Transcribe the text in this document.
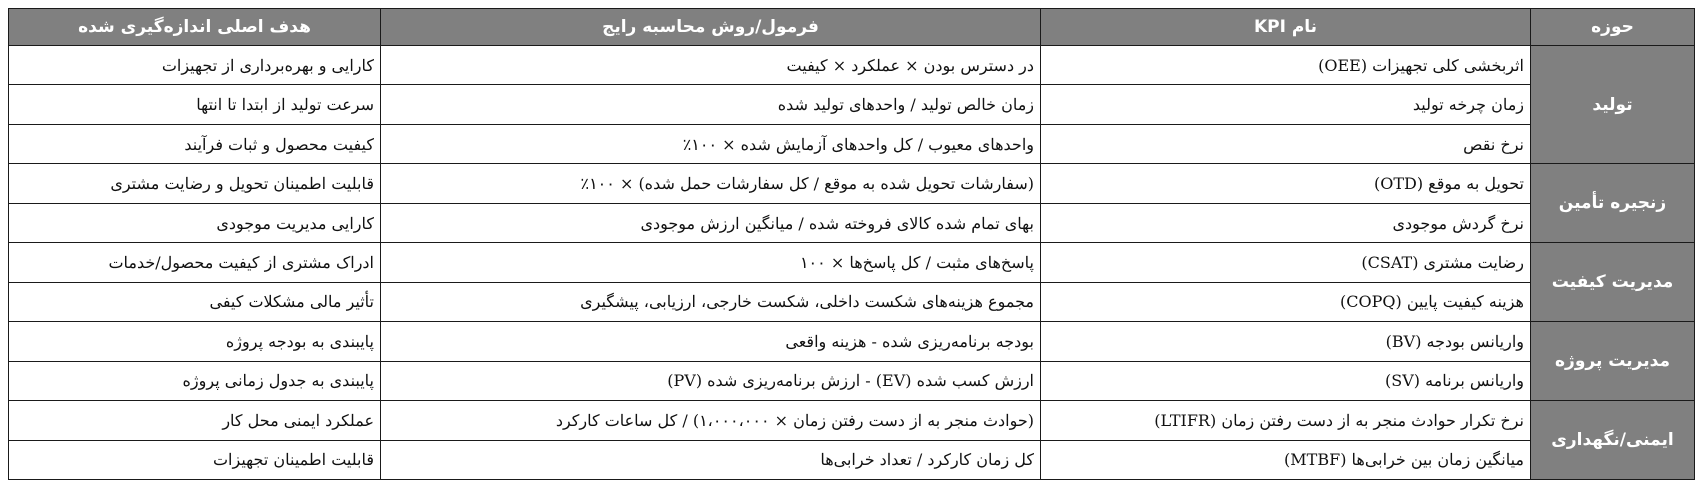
حوزه	نام KPI	فرمول/روش محاسبه رایج	هدف اصلی اندازه‌گیری شده
تولید	اثربخشی کلی تجهیزات (OEE)	در دسترس بودن × عملکرد × کیفیت	کارایی و بهره‌برداری از تجهیزات
	زمان چرخه تولید	زمان خالص تولید / واحدهای تولید شده	سرعت تولید از ابتدا تا انتها
	نرخ نقص	واحدهای معیوب / کل واحدهای آزمایش شده × ۱۰۰٪	کیفیت محصول و ثبات فرآیند
زنجیره تأمین	تحویل به موقع (OTD)	(سفارشات تحویل شده به موقع / کل سفارشات حمل شده) × ۱۰۰٪	قابلیت اطمینان تحویل و رضایت مشتری
	نرخ گردش موجودی	بهای تمام شده کالای فروخته شده / میانگین ارزش موجودی	کارایی مدیریت موجودی
مدیریت کیفیت	رضایت مشتری (CSAT)	پاسخ‌های مثبت / کل پاسخ‌ها × ۱۰۰	ادراک مشتری از کیفیت محصول/خدمات
	هزینه کیفیت پایین (COPQ)	مجموع هزینه‌های شکست داخلی، شکست خارجی، ارزیابی، پیشگیری	تأثیر مالی مشکلات کیفی
مدیریت پروژه	واریانس بودجه (BV)	بودجه برنامه‌ریزی شده - هزینه واقعی	پایبندی به بودجه پروژه
	واریانس برنامه (SV)	ارزش کسب شده (EV) - ارزش برنامه‌ریزی شده (PV)	پایبندی به جدول زمانی پروژه
ایمنی/نگهداری	نرخ تکرار حوادث منجر به از دست رفتن زمان (LTIFR)	(حوادث منجر به از دست رفتن زمان × ۱،۰۰۰،۰۰۰) / کل ساعات کارکرد	عملکرد ایمنی محل کار
	میانگین زمان بین خرابی‌ها (MTBF)	کل زمان کارکرد / تعداد خرابی‌ها	قابلیت اطمینان تجهیزات
